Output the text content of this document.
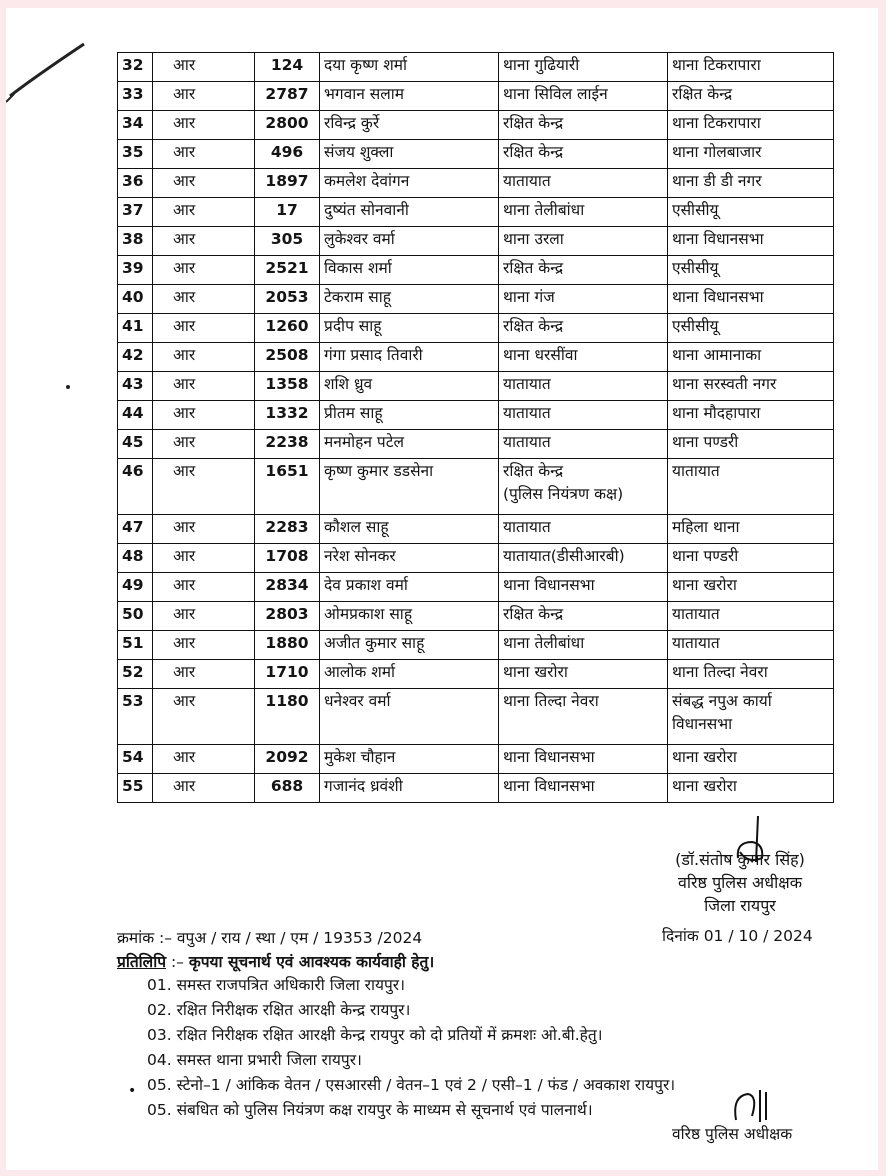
32	आर	124	दया कृष्ण शर्मा	थाना गुढियारी	थाना टिकरापारा

33	आर	2787	भगवान सलाम	थाना सिविल लाईन	रक्षित केन्द्र

34	आर	2800	रविन्द्र कुर्रे	रक्षित केन्द्र	थाना टिकरापारा

35	आर	496	संजय शुक्ला	रक्षित केन्द्र	थाना गोलबाजार

36	आर	1897	कमलेश देवांगन	यातायात	थाना डी डी नगर

37	आर	17	दुष्यंत सोनवानी	थाना तेलीबांधा	एसीसीयू

38	आर	305	लुकेश्वर वर्मा	थाना उरला	थाना विधानसभा

39	आर	2521	विकास शर्मा	रक्षित केन्द्र	एसीसीयू

40	आर	2053	टेकराम साहू	थाना गंज	थाना विधानसभा

41	आर	1260	प्रदीप साहू	रक्षित केन्द्र	एसीसीयू

42	आर	2508	गंगा प्रसाद तिवारी	थाना धरसींवा	थाना आमानाका

43	आर	1358	शशि ध्रुव	यातायात	थाना सरस्वती नगर

44	आर	1332	प्रीतम साहू	यातायात	थाना मौदहापारा

45	आर	2238	मनमोहन पटेल	यातायात	थाना पण्डरी

46	आर	1651	कृष्ण कुमार डडसेना	रक्षित केन्द्र
(पुलिस नियंत्रण कक्ष)	यातायात

47	आर	2283	कौशल साहू	यातायात	महिला थाना

48	आर	1708	नरेश सोनकर	यातायात(डीसीआरबी)	थाना पण्डरी

49	आर	2834	देव प्रकाश वर्मा	थाना विधानसभा	थाना खरोरा

50	आर	2803	ओमप्रकाश साहू	रक्षित केन्द्र	यातायात

51	आर	1880	अजीत कुमार साहू	थाना तेलीबांधा	यातायात

52	आर	1710	आलोक शर्मा	थाना खरोरा	थाना तिल्दा नेवरा

53	आर	1180	धनेश्वर वर्मा	थाना तिल्दा नेवरा	संबद्ध नपुअ कार्या
विधानसभा

54	आर	2092	मुकेश चौहान	थाना विधानसभा	थाना खरोरा

55	आर	688	गजानंद ध्रवंशी	थाना विधानसभा	थाना खरोरा
(डॉ.संतोष कुमार सिंह)
वरिष्ठ पुलिस अधीक्षक
जिला रायपुर
क्रमांक :– वपुअ / राय / स्था / एम / 19353 /2024	दिनांक 01 / 10 / 2024
प्रतिलिपि :– कृपया सूचनार्थ एवं आवश्यक कार्यवाही हेतु।
01. समस्त राजपत्रित अधिकारी जिला रायपुर।
02. रक्षित निरीक्षक रक्षित आरक्षी केन्द्र रायपुर।
03. रक्षित निरीक्षक रक्षित आरक्षी केन्द्र रायपुर को दो प्रतियों में क्रमशः ओ.बी.हेतु।
04. समस्त थाना प्रभारी जिला रायपुर।
05. स्टेनो–1 / आंकिक वेतन / एसआरसी / वेतन–1 एवं 2 / एसी–1 / फंड / अवकाश रायपुर।
05. संबधित को पुलिस नियंत्रण कक्ष रायपुर के माध्यम से सूचनार्थ एवं पालनार्थ।
•
वरिष्ठ पुलिस अधीक्षक
